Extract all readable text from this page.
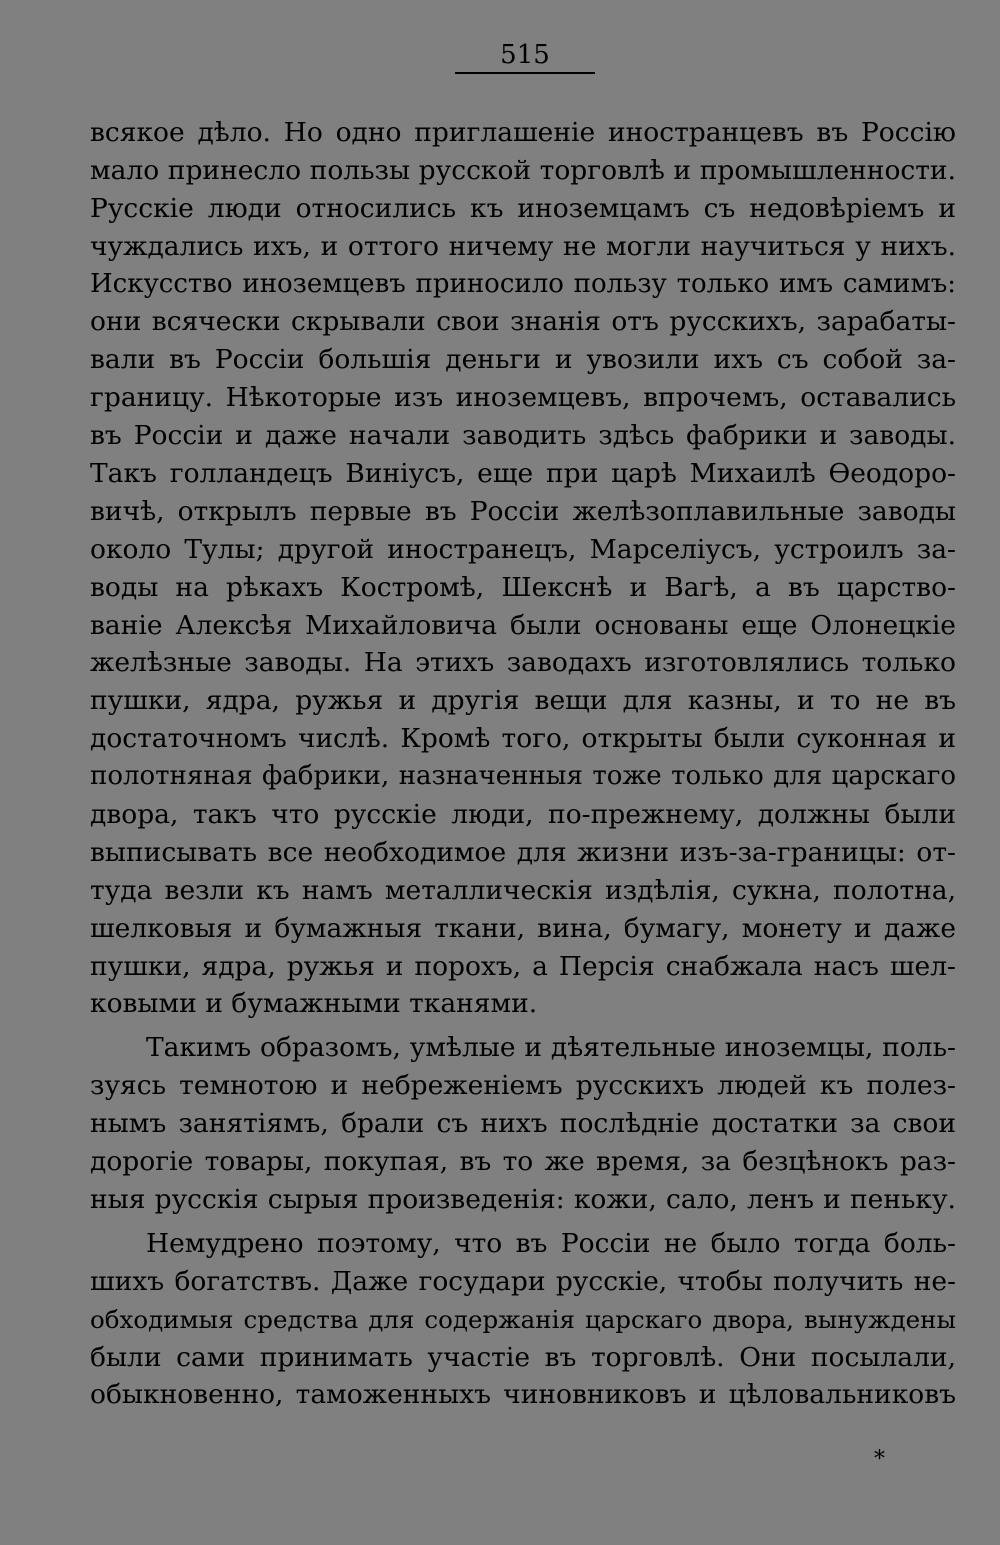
515
всякое дѣло. Но одно приглашеніе иностранцевъ въ Россію
мало принесло пользы русской торговлѣ и промышленности.
Русскіе люди относились къ иноземцамъ съ недовѣріемъ и
чуждались ихъ, и оттого ничему не могли научиться у нихъ.
Искусство иноземцевъ приносило пользу только имъ самимъ:
они всячески скрывали свои знанія отъ русскихъ, зарабаты-
вали въ Россіи большія деньги и увозили ихъ съ собой за-
границу. Нѣкоторые изъ иноземцевъ, впрочемъ, оставались
въ Россіи и даже начали заводить здѣсь фабрики и заводы.
Такъ голландецъ Виніусъ, еще при царѣ Михаилѣ Ѳеодоро-
вичѣ, открылъ первые въ Россіи желѣзоплавильные заводы
около Тулы; другой иностранецъ, Марселіусъ, устроилъ за-
воды на рѣкахъ Костромѣ, Шекснѣ и Вагѣ, а въ царство-
ваніе Алексѣя Михайловича были основаны еще Олонецкіе
желѣзные заводы. На этихъ заводахъ изготовлялись только
пушки, ядра, ружья и другія вещи для казны, и то не въ
достаточномъ числѣ. Кромѣ того, открыты были суконная и
полотняная фабрики, назначенныя тоже только для царскаго
двора, такъ что русскіе люди, по-прежнему, должны были
выписывать все необходимое для жизни изъ-за-границы: от-
туда везли къ намъ металлическія издѣлія, сукна, полотна,
шелковыя и бумажныя ткани, вина, бумагу, монету и даже
пушки, ядра, ружья и порохъ, а Персія снабжала насъ шел-
ковыми и бумажными тканями.
Такимъ образомъ, умѣлые и дѣятельные иноземцы, поль-
зуясь темнотою и небреженіемъ русскихъ людей къ полез-
нымъ занятіямъ, брали съ нихъ послѣдніе достатки за свои
дорогіе товары, покупая, въ то же время, за безцѣнокъ раз-
ныя русскія сырыя произведенія: кожи, сало, ленъ и пеньку.
Немудрено поэтому, что въ Россіи не было тогда боль-
шихъ богатствъ. Даже государи русскіе, чтобы получить не-
обходимыя средства для содержанія царскаго двора, вынуждены
были сами принимать участіе въ торговлѣ. Они посылали,
обыкновенно, таможенныхъ чиновниковъ и цѣловальниковъ
*
